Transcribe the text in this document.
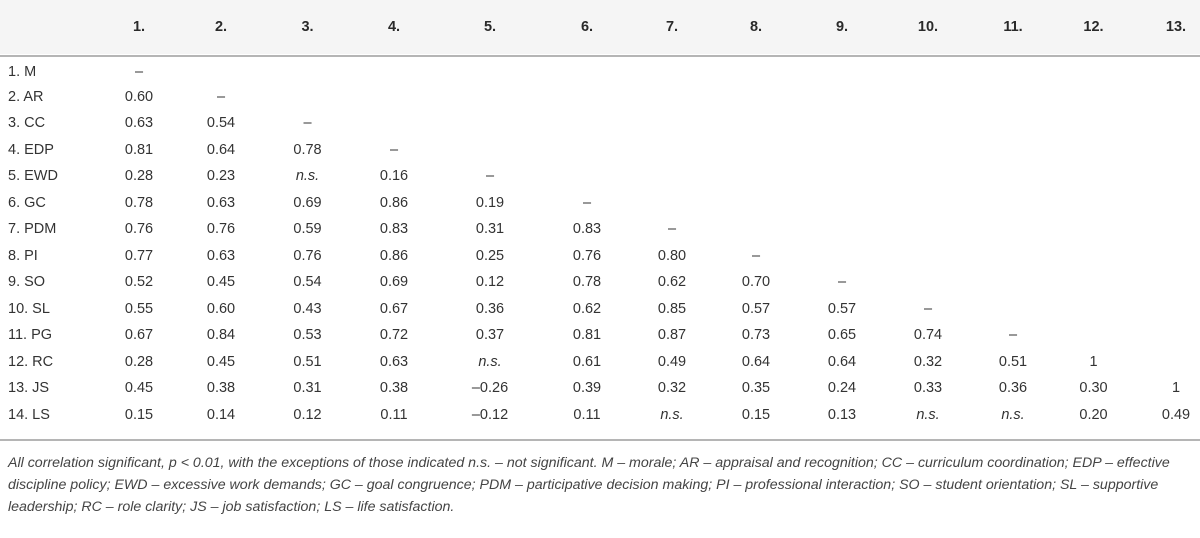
	1.	2.	3.	4.	5.	6.	7.	8.	9.	10.	11.	12.	13.
1. M	–												
2. AR	0.60	–											
3. CC	0.63	0.54	–										
4. EDP	0.81	0.64	0.78	–									
5. EWD	0.28	0.23	n.s.	0.16	–								
6. GC	0.78	0.63	0.69	0.86	0.19	–							
7. PDM	0.76	0.76	0.59	0.83	0.31	0.83	–						
8. PI	0.77	0.63	0.76	0.86	0.25	0.76	0.80	–					
9. SO	0.52	0.45	0.54	0.69	0.12	0.78	0.62	0.70	–				
10. SL	0.55	0.60	0.43	0.67	0.36	0.62	0.85	0.57	0.57	–			
11. PG	0.67	0.84	0.53	0.72	0.37	0.81	0.87	0.73	0.65	0.74	–		
12. RC	0.28	0.45	0.51	0.63	n.s.	0.61	0.49	0.64	0.64	0.32	0.51	1	
13. JS	0.45	0.38	0.31	0.38	–0.26	0.39	0.32	0.35	0.24	0.33	0.36	0.30	1
14. LS	0.15	0.14	0.12	0.11	–0.12	0.11	n.s.	0.15	0.13	n.s.	n.s.	0.20	0.49
All correlation significant, p < 0.01, with the exceptions of those indicated n.s. – not significant. M – morale; AR – appraisal and recognition; CC – curriculum coordination; EDP – effective discipline policy; EWD – excessive work demands; GC – goal congruence; PDM – participative decision making; PI – professional interaction; SO – student orientation; SL – supportive leadership; RC – role clarity; JS – job satisfaction; LS – life satisfaction.
